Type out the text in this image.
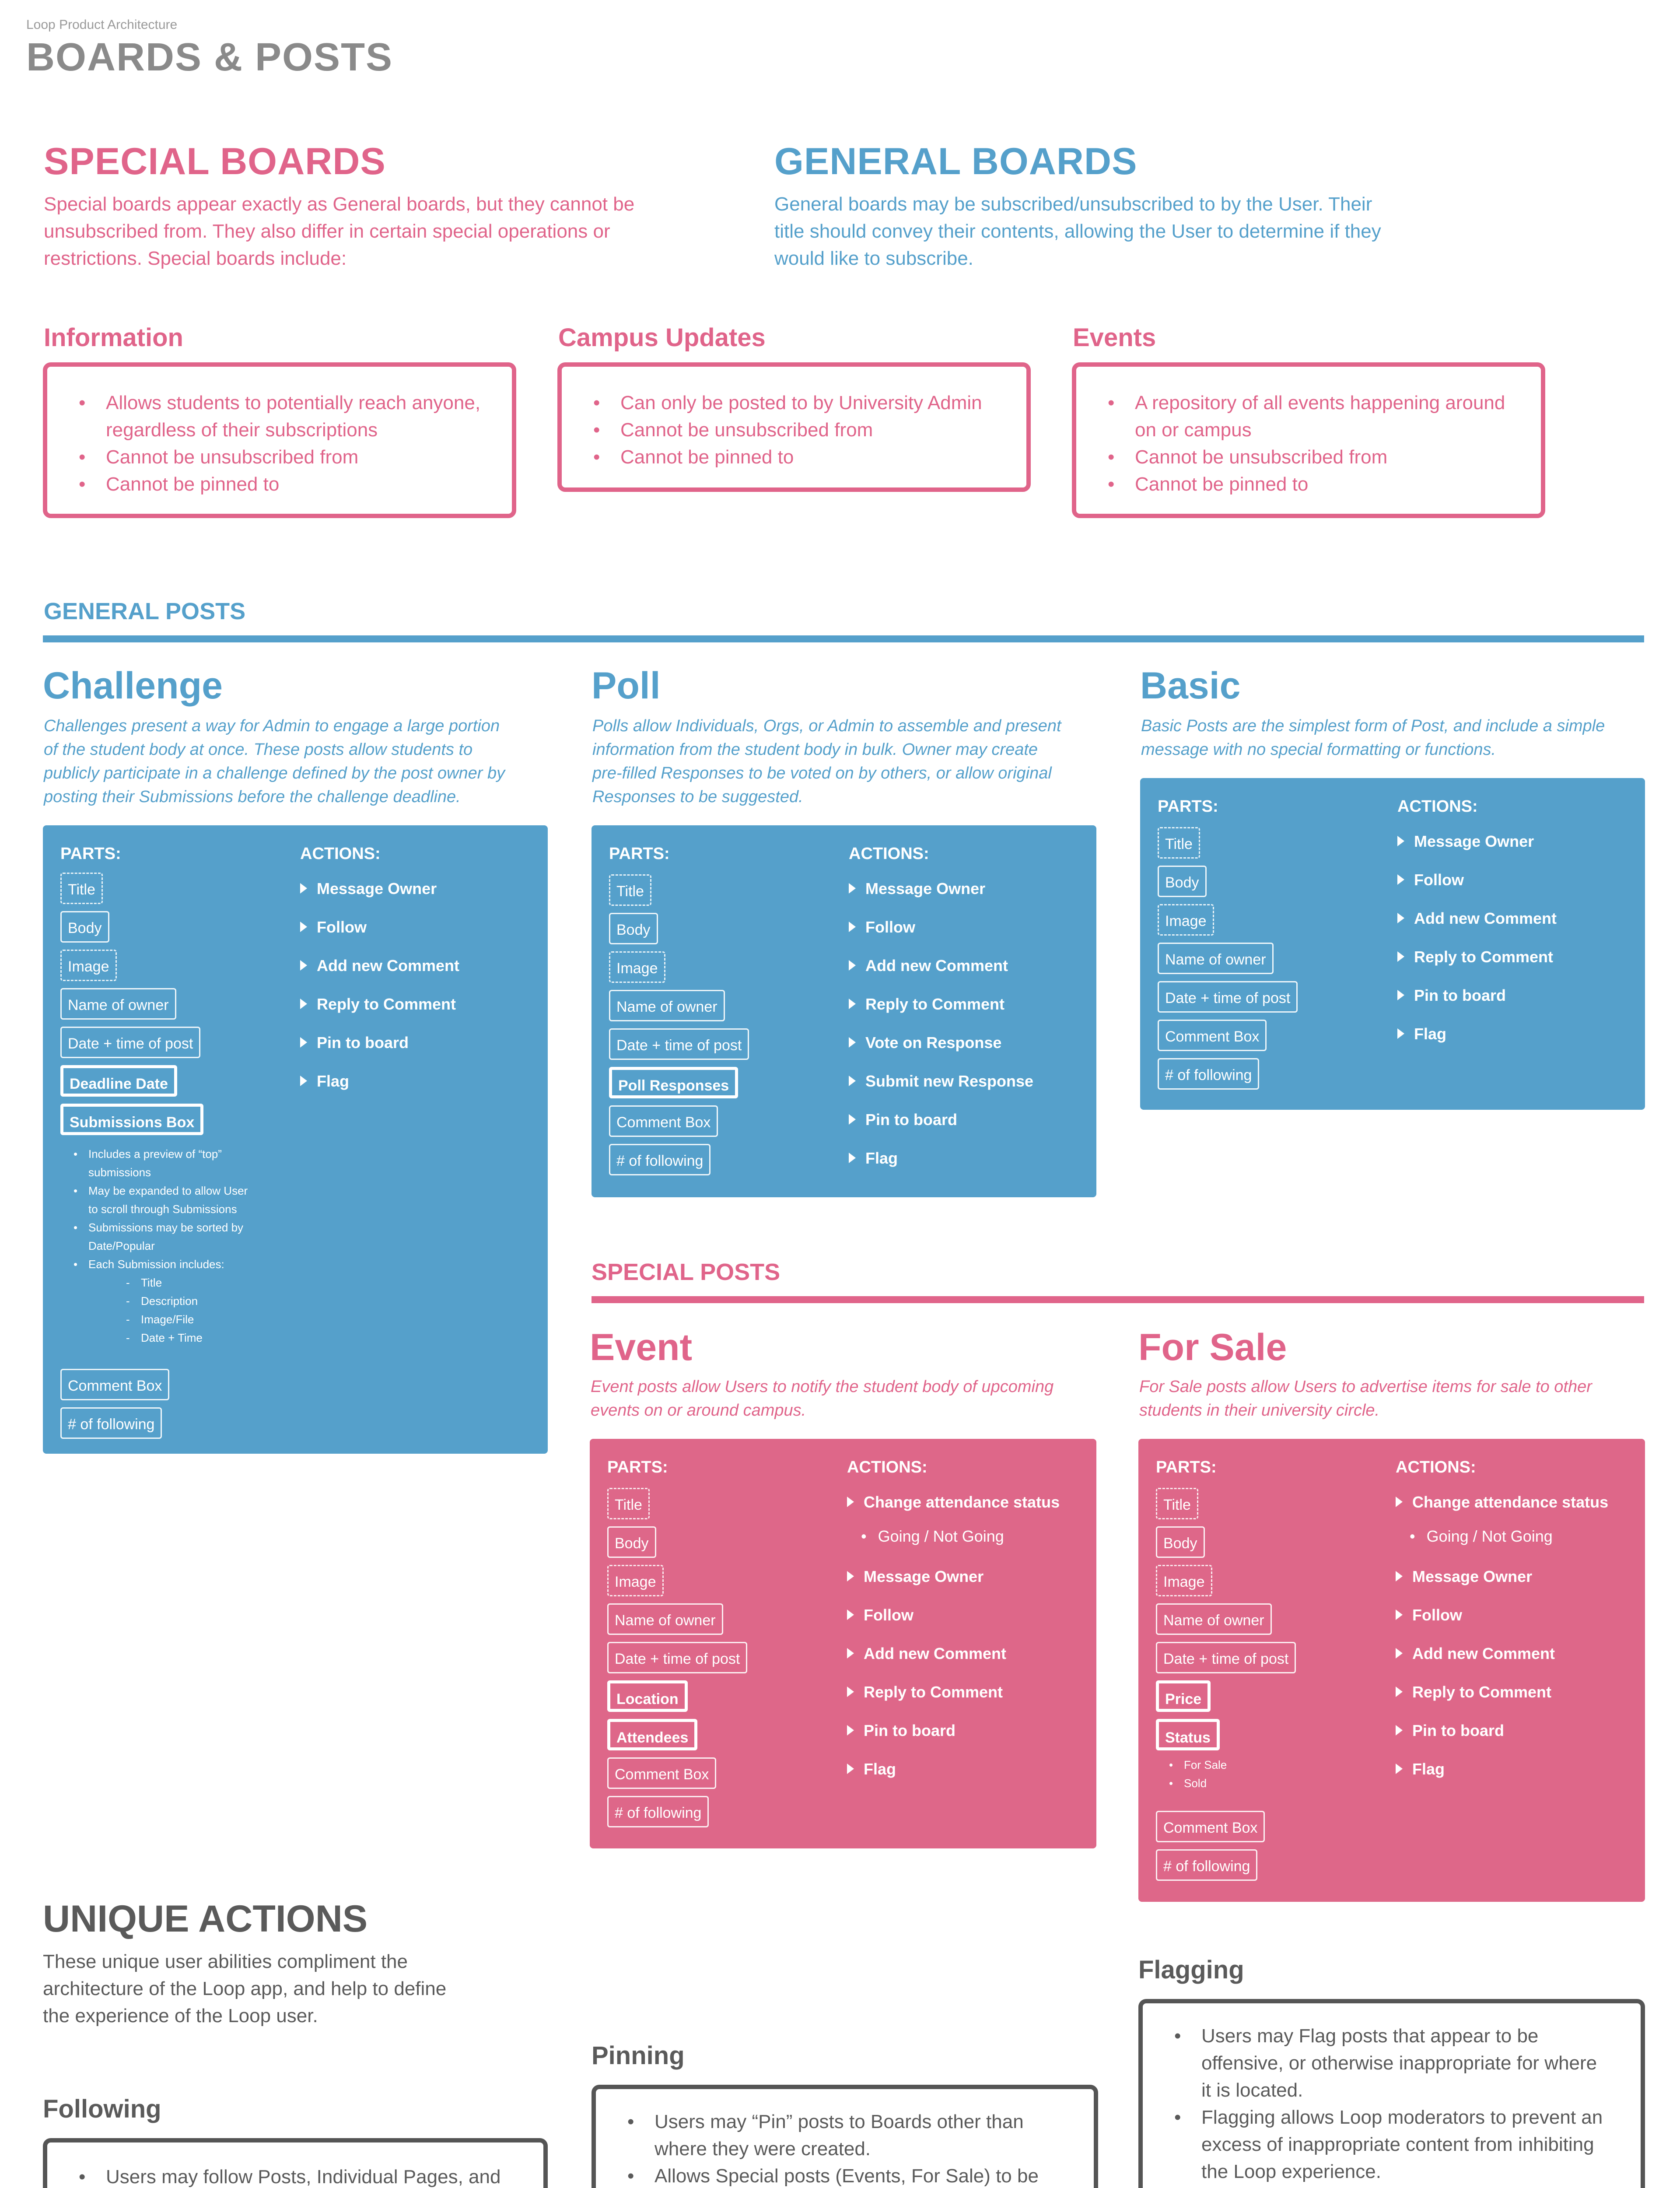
Loop Product Architecture
BOARDS & POSTS
SPECIAL BOARDS
Special boards appear exactly as General boards, but they cannot be
unsubscribed from. They also differ in certain special operations or
restrictions. Special boards include:
GENERAL BOARDS
General boards may be subscribed/unsubscribed to by the User. Their
title should convey their contents, allowing the User to determine if they
would like to subscribe.
Information
• Allows students to potentially reach anyone,
regardless of their subscriptions
• Cannot be unsubscribed from
• Cannot be pinned to
Campus Updates
• Can only be posted to by University Admin
• Cannot be unsubscribed from
• Cannot be pinned to
Events
• A repository of all events happening around
on or campus
• Cannot be unsubscribed from
• Cannot be pinned to
GENERAL POSTS
Challenge
Challenges present a way for Admin to engage a large portion
of the student body at once. These posts allow students to
publicly participate in a challenge defined by the post owner by
posting their Submissions before the challenge deadline.
PARTS:	ACTIONS:
Title
Body
Image
Name of owner
Date + time of post
Deadline Date
Submissions Box
• Includes a preview of “top”
submissions
• May be expanded to allow User
to scroll through Submissions
• Submissions may be sorted by
Date/Popular
• Each Submission includes:
- Title
- Description
- Image/File
- Date + Time
Comment Box
# of following
Message Owner
Follow
Add new Comment
Reply to Comment
Pin to board
Flag
Poll
Polls allow Individuals, Orgs, or Admin to assemble and present
information from the student body in bulk. Owner may create
pre-filled Responses to be voted on by others, or allow original
Responses to be suggested.
PARTS:	ACTIONS:
Title
Body
Image
Name of owner
Date + time of post
Poll Responses
Comment Box
# of following
Message Owner
Follow
Add new Comment
Reply to Comment
Vote on Response
Submit new Response
Pin to board
Flag
Basic
Basic Posts are the simplest form of Post, and include a simple
message with no special formatting or functions.
PARTS:	ACTIONS:
Title
Body
Image
Name of owner
Date + time of post
Comment Box
# of following
Message Owner
Follow
Add new Comment
Reply to Comment
Pin to board
Flag
SPECIAL POSTS
Event
Event posts allow Users to notify the student body of upcoming
events on or around campus.
PARTS:	ACTIONS:
Title
Body
Image
Name of owner
Date + time of post
Location
Attendees
Comment Box
# of following
Change attendance status
• Going / Not Going
Message Owner
Follow
Add new Comment
Reply to Comment
Pin to board
Flag
For Sale
For Sale posts allow Users to advertise items for sale to other
students in their university circle.
PARTS:	ACTIONS:
Title
Body
Image
Name of owner
Date + time of post
Price
Status
• For Sale
• Sold
Comment Box
# of following
Change attendance status
• Going / Not Going
Message Owner
Follow
Add new Comment
Reply to Comment
Pin to board
Flag
UNIQUE ACTIONS
These unique user abilities compliment the
architecture of the Loop app, and help to define
the experience of the Loop user.
Following
• Users may follow Posts, Individual Pages, and
Pinning
• Users may “Pin” posts to Boards other than
where they were created.
• Allows Special posts (Events, For Sale) to be
Flagging
• Users may Flag posts that appear to be
offensive, or otherwise inappropriate for where
it is located.
• Flagging allows Loop moderators to prevent an
excess of inappropriate content from inhibiting
the Loop experience.
•
